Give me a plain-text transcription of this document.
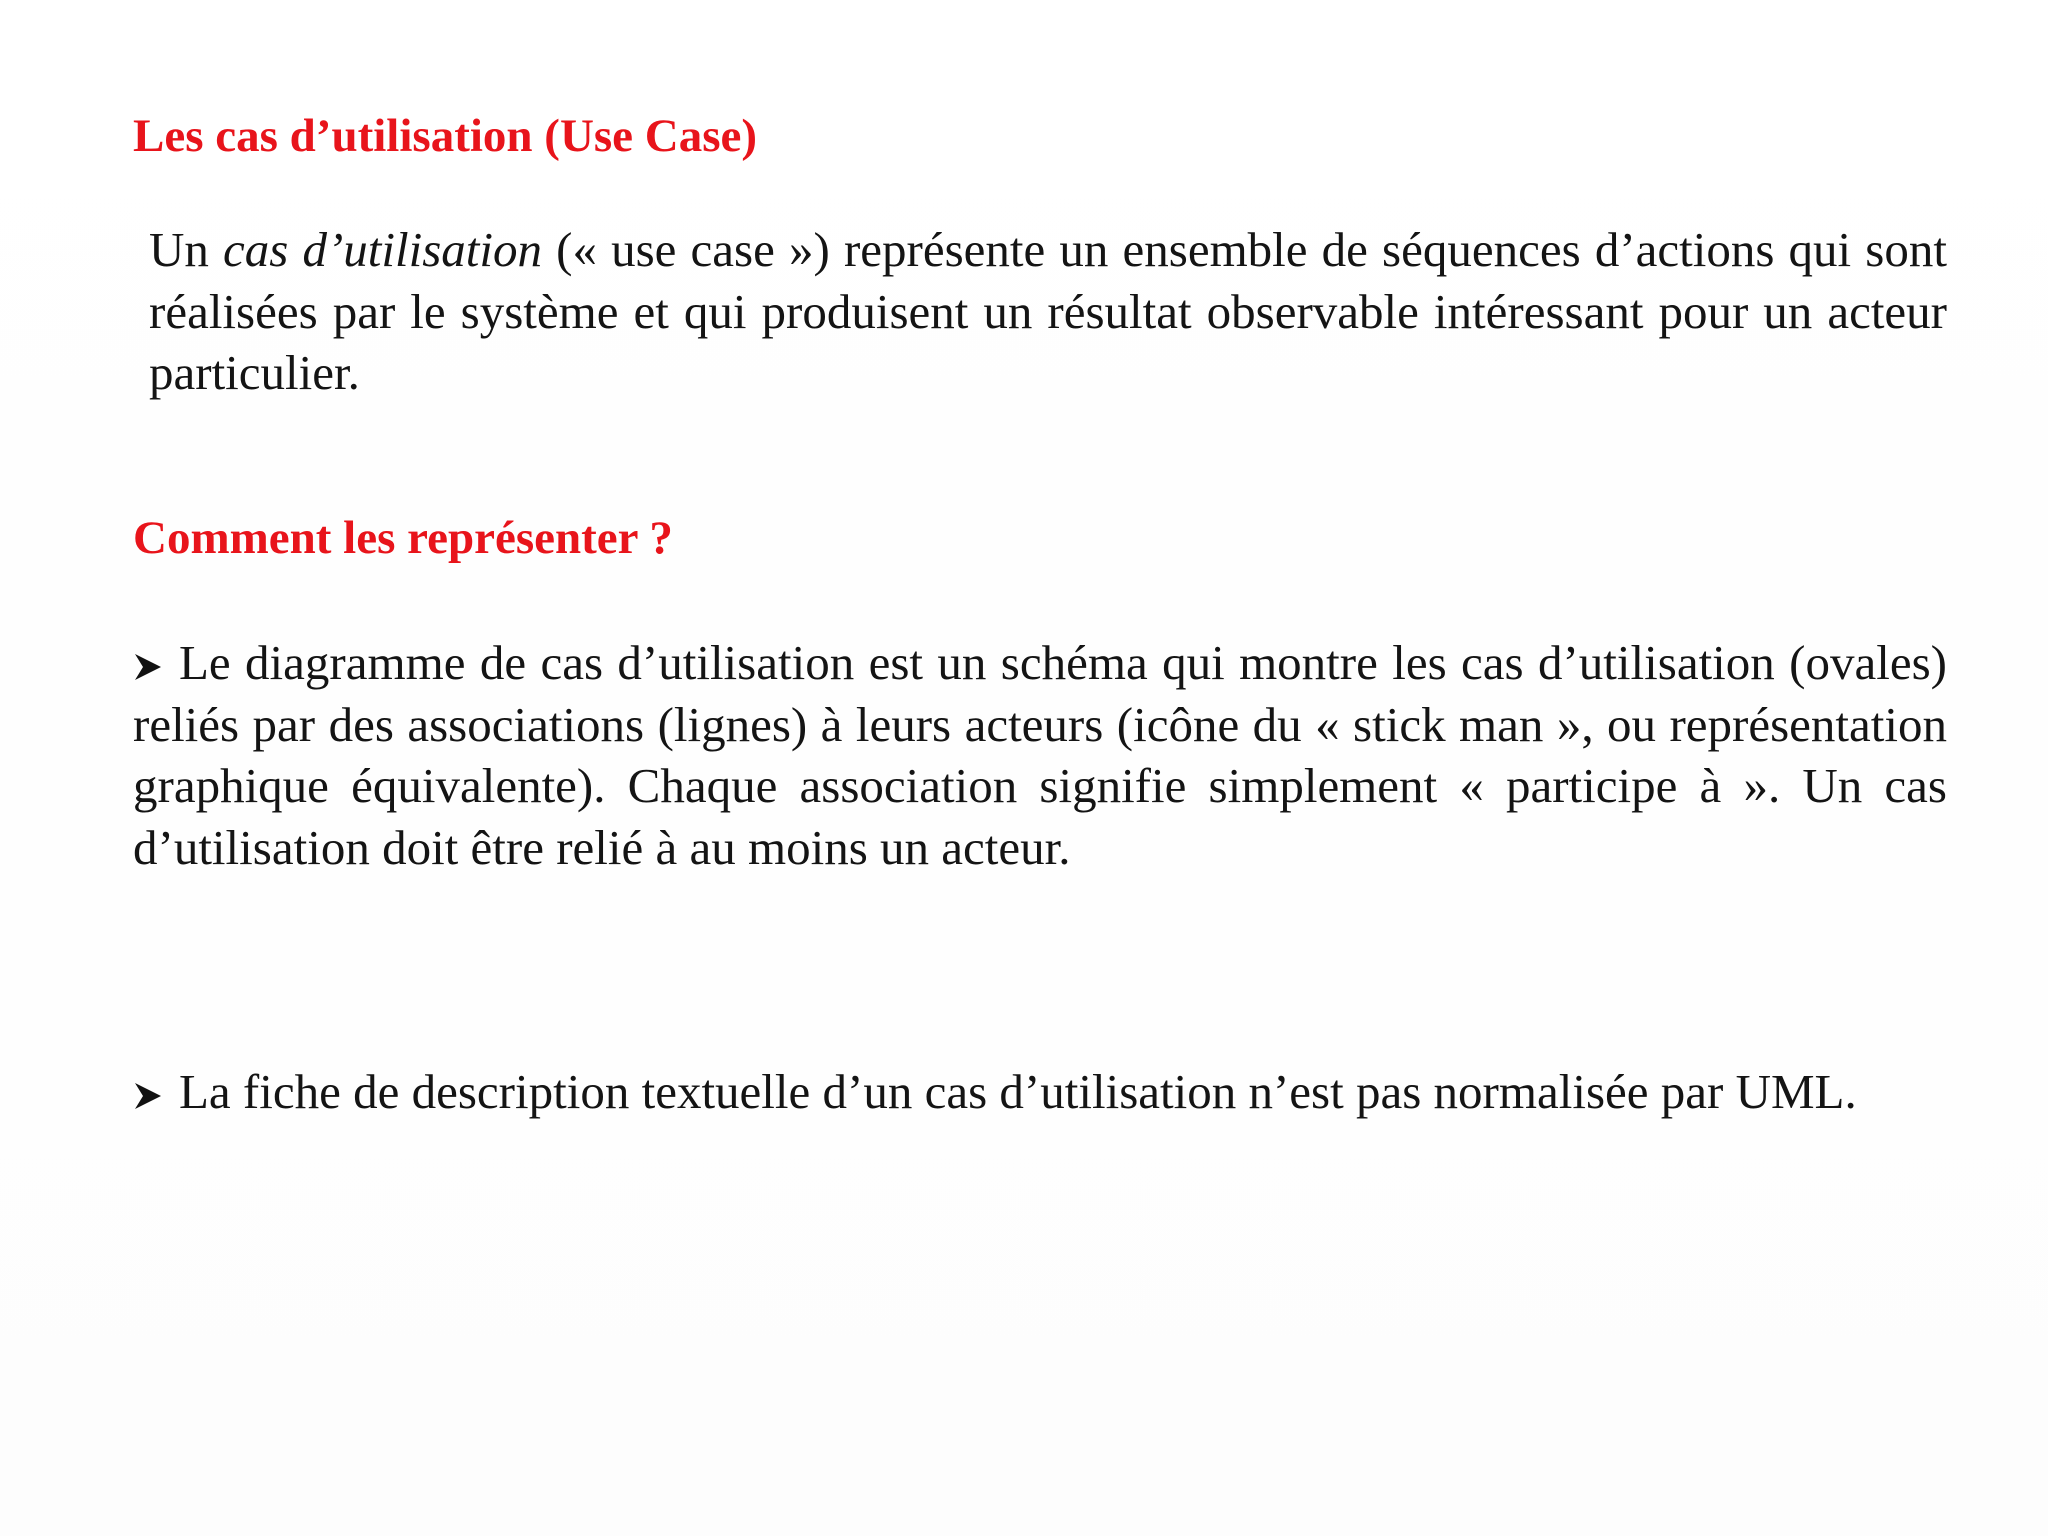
Les cas d’utilisation (Use Case)

Un cas d’utilisation (« use case ») représente un ensemble de séquences d’actions qui sont réalisées par le système et qui produisent un résultat observable intéressant pour un acteur particulier.

Comment les représenter ?

Le diagramme de cas d’utilisation est un schéma qui montre les cas d’utilisation (ovales) reliés par des associations (lignes) à leurs acteurs (icône du « stick man », ou représentation graphique équivalente). Chaque association signifie simplement « participe à ». Un cas d’utilisation doit être relié à au moins un acteur.

La fiche de description textuelle d’un cas d’utilisation n’est pas normalisée par UML.
